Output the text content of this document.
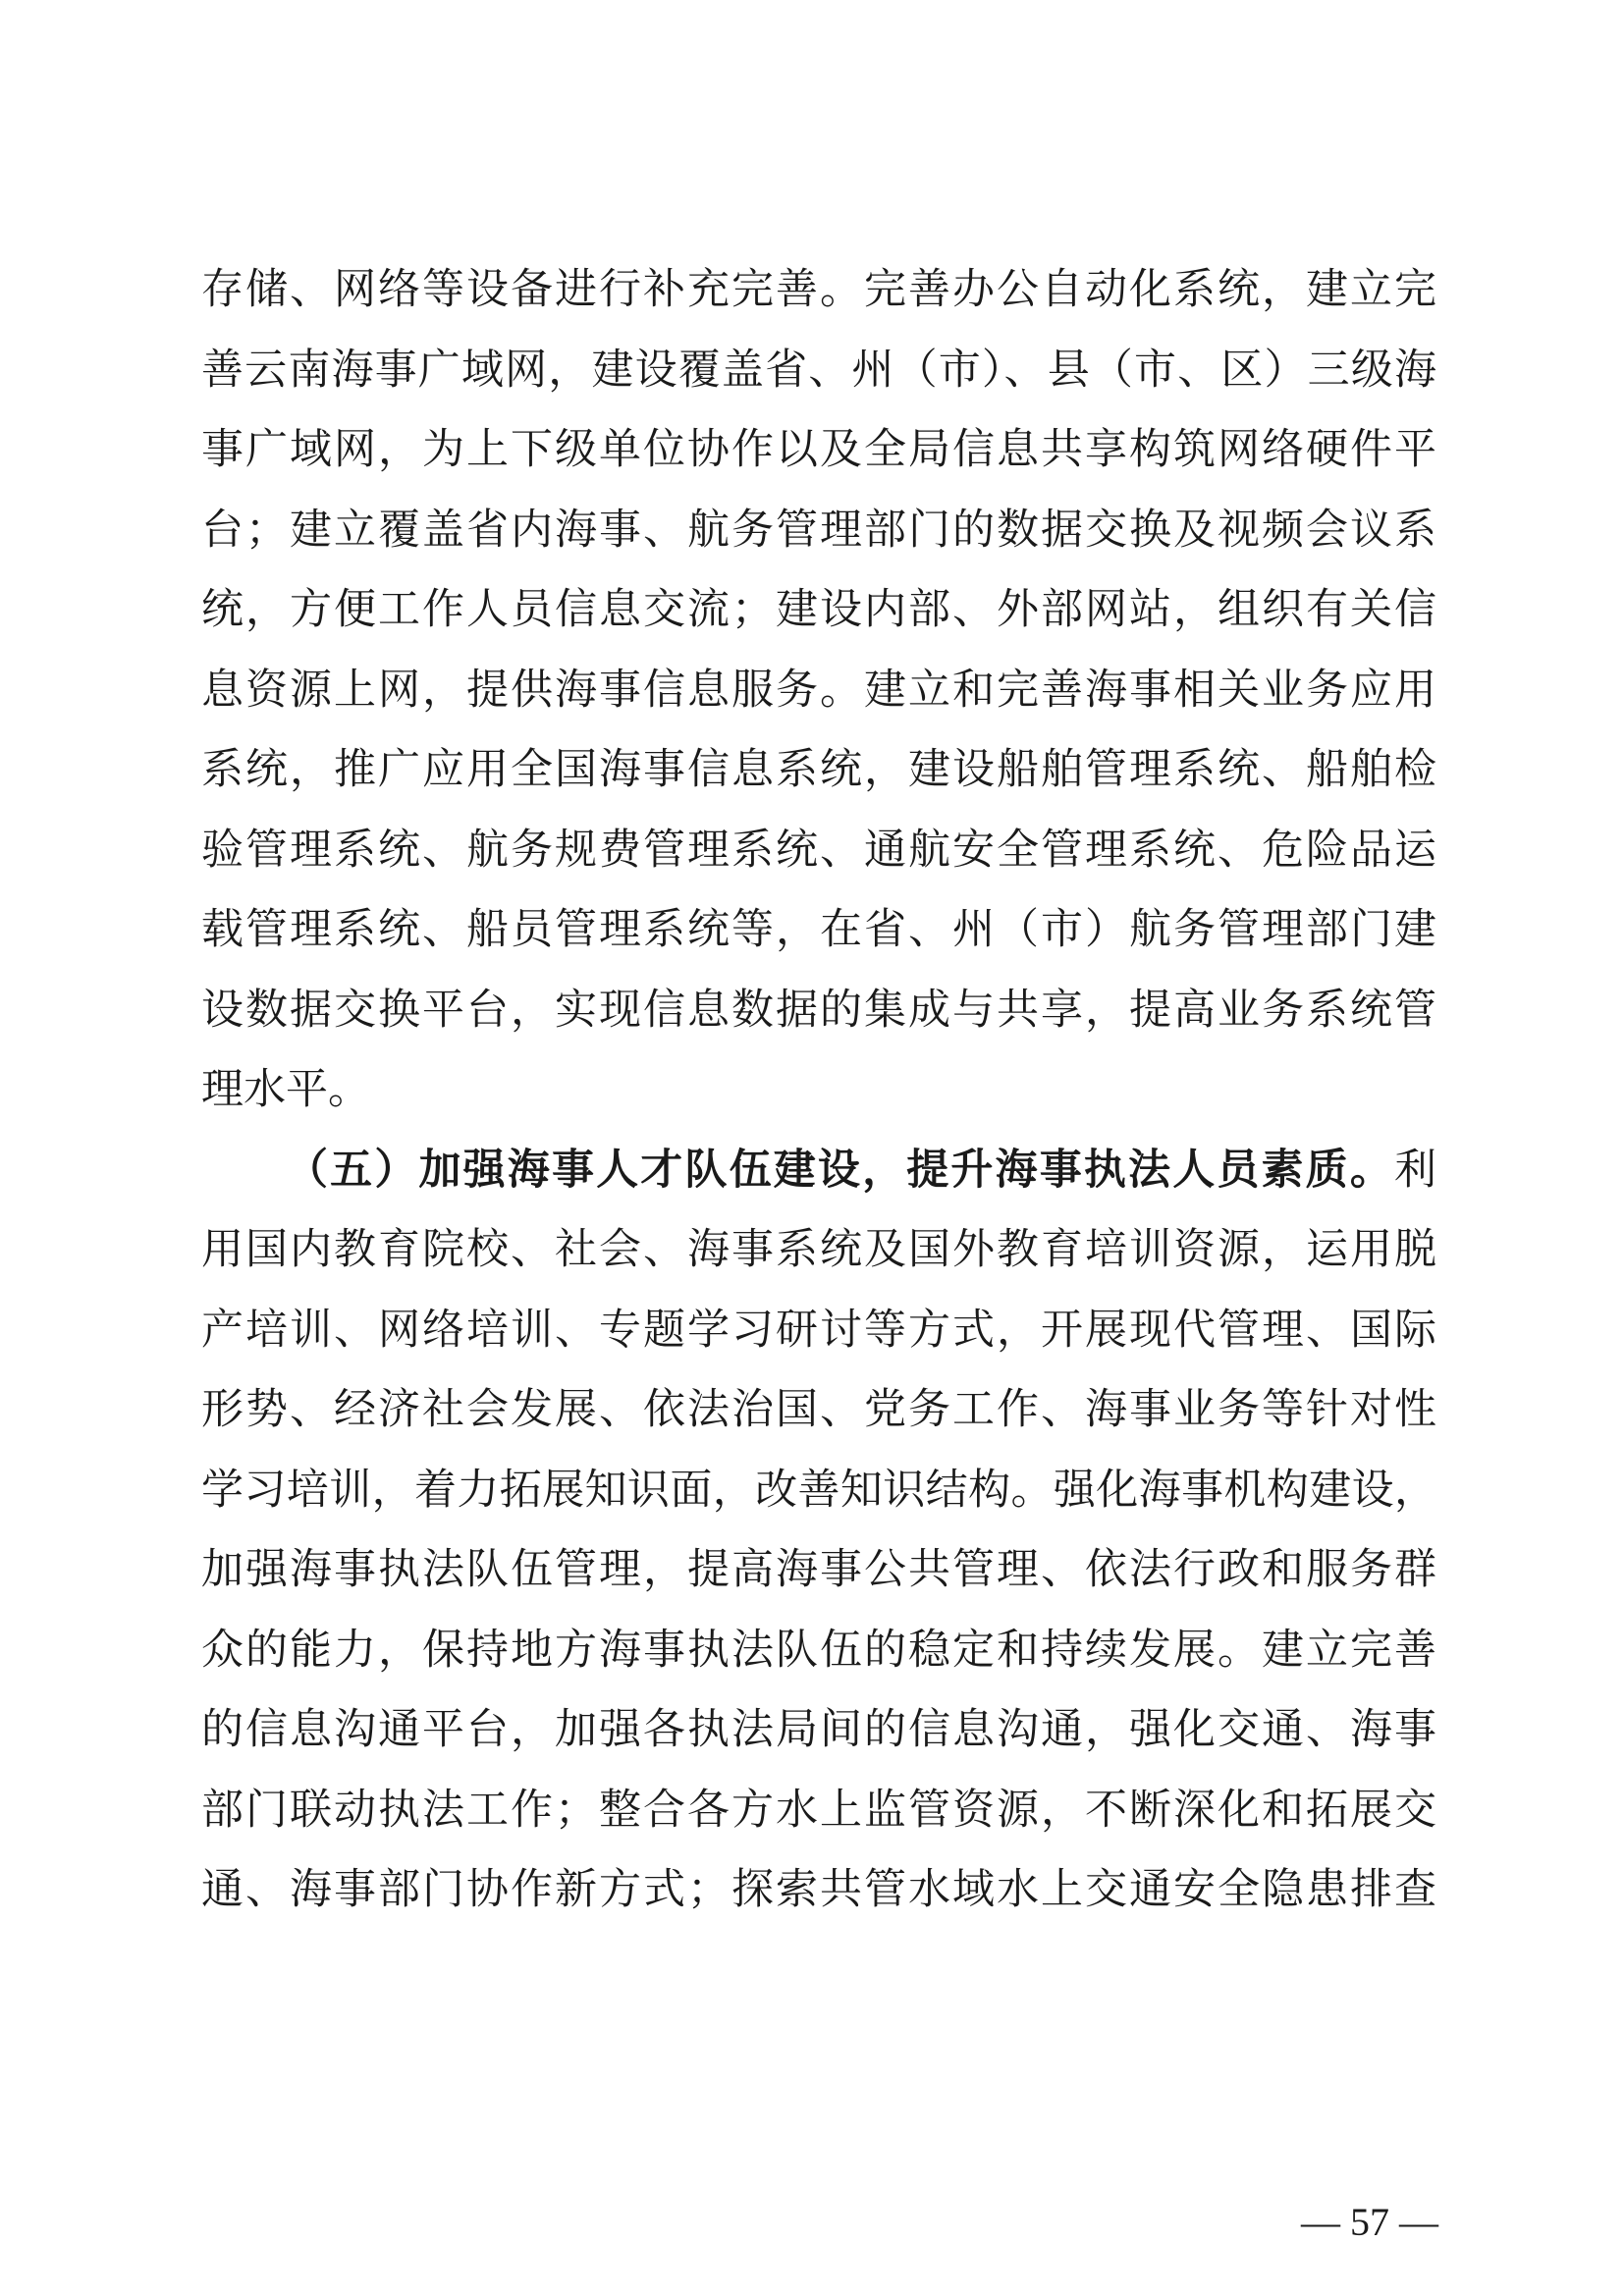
存储、网络等设备进行补充完善。完善办公自动化系统，建立完
善云南海事广域网，建设覆盖省、州（市）、县（市、区）三级海
事广域网，为上下级单位协作以及全局信息共享构筑网络硬件平
台；建立覆盖省内海事、航务管理部门的数据交换及视频会议系
统，方便工作人员信息交流；建设内部、外部网站，组织有关信
息资源上网，提供海事信息服务。建立和完善海事相关业务应用
系统，推广应用全国海事信息系统，建设船舶管理系统、船舶检
验管理系统、航务规费管理系统、通航安全管理系统、危险品运
载管理系统、船员管理系统等，在省、州（市）航务管理部门建
设数据交换平台，实现信息数据的集成与共享，提高业务系统管
理水平。
（五）加强海事人才队伍建设，提升海事执法人员素质。利
用国内教育院校、社会、海事系统及国外教育培训资源，运用脱
产培训、网络培训、专题学习研讨等方式，开展现代管理、国际
形势、经济社会发展、依法治国、党务工作、海事业务等针对性
学习培训，着力拓展知识面，改善知识结构。强化海事机构建设，
加强海事执法队伍管理，提高海事公共管理、依法行政和服务群
众的能力，保持地方海事执法队伍的稳定和持续发展。建立完善
的信息沟通平台，加强各执法局间的信息沟通，强化交通、海事
部门联动执法工作；整合各方水上监管资源，不断深化和拓展交
通、海事部门协作新方式；探索共管水域水上交通安全隐患排查
— 57 —
